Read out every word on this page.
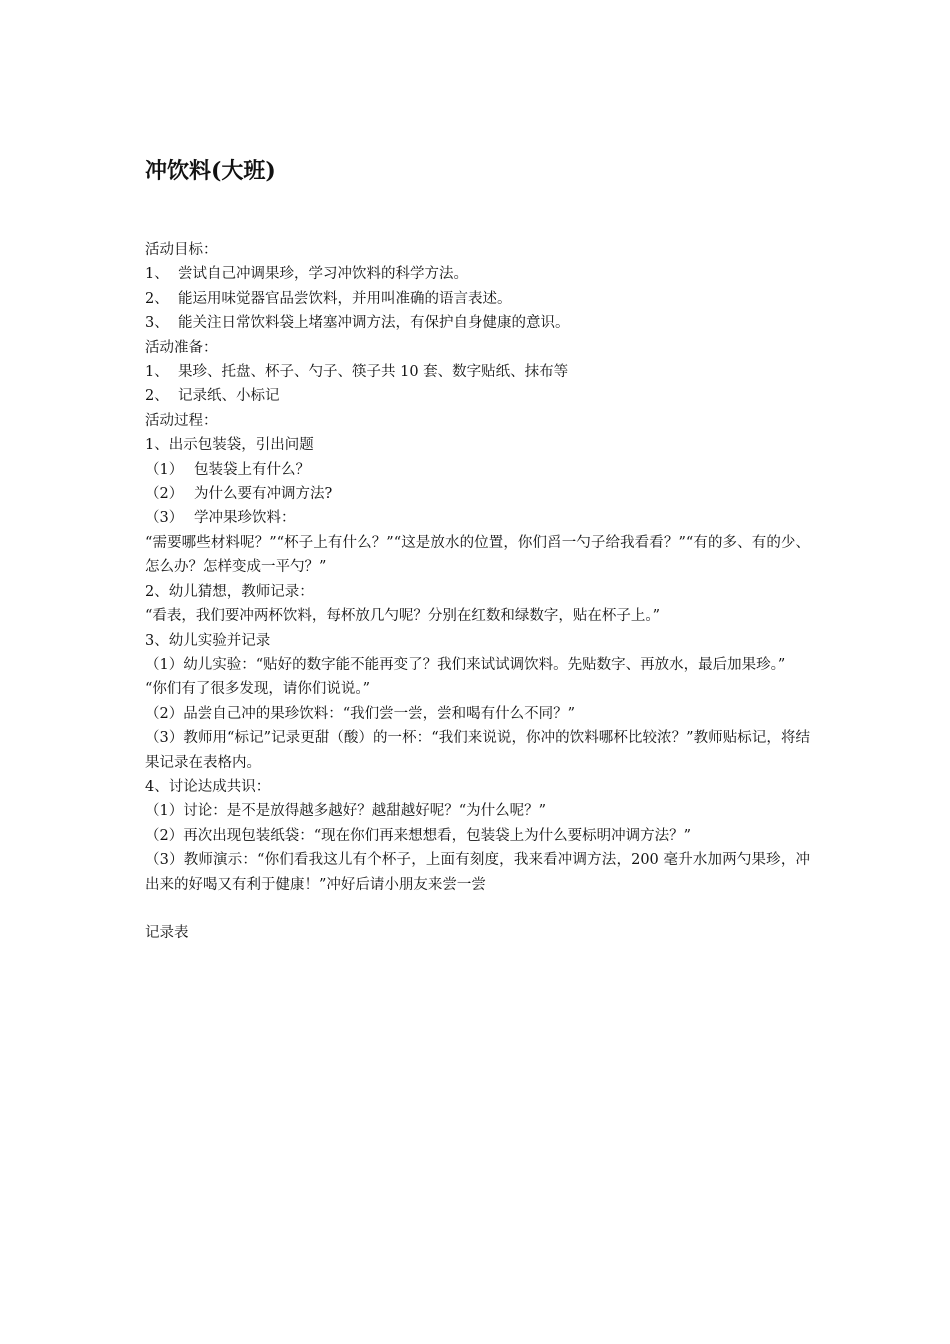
冲饮料(大班)
活动目标：
1、 尝试自己冲调果珍，学习冲饮料的科学方法。
2、 能运用味觉器官品尝饮料，并用叫准确的语言表述。
3、 能关注日常饮料袋上堵塞冲调方法，有保护自身健康的意识。
活动准备：
1、 果珍、托盘、杯子、勺子、筷子共 10 套、数字贴纸、抹布等
2、 记录纸、小标记
活动过程：
1、出示包装袋，引出问题
（1） 包装袋上有什么？
（2） 为什么要有冲调方法?
（3） 学冲果珍饮料：
“需要哪些材料呢？”“杯子上有什么？”“这是放水的位置，你们舀一勺子给我看看？”“有的多、有的少、怎么办？怎样变成一平勺？”
2、幼儿猜想，教师记录：
“看表，我们要冲两杯饮料，每杯放几勺呢？分别在红数和绿数字，贴在杯子上。”
3、幼儿实验并记录
（1）幼儿实验：“贴好的数字能不能再变了？我们来试试调饮料。先贴数字、再放水，最后加果珍。”
“你们有了很多发现，请你们说说。”
（2）品尝自己冲的果珍饮料：“我们尝一尝，尝和喝有什么不同？”
（3）教师用“标记”记录更甜（酸）的一杯：“我们来说说，你冲的饮料哪杯比较浓？”教师贴标记，将结果记录在表格内。
4、讨论达成共识：
（1）讨论：是不是放得越多越好？越甜越好呢？“为什么呢？”
（2）再次出现包装纸袋：“现在你们再来想想看，包装袋上为什么要标明冲调方法？”
（3）教师演示：“你们看我这儿有个杯子，上面有刻度，我来看冲调方法，200 毫升水加两勺果珍，冲出来的好喝又有利于健康！”冲好后请小朋友来尝一尝
记录表
